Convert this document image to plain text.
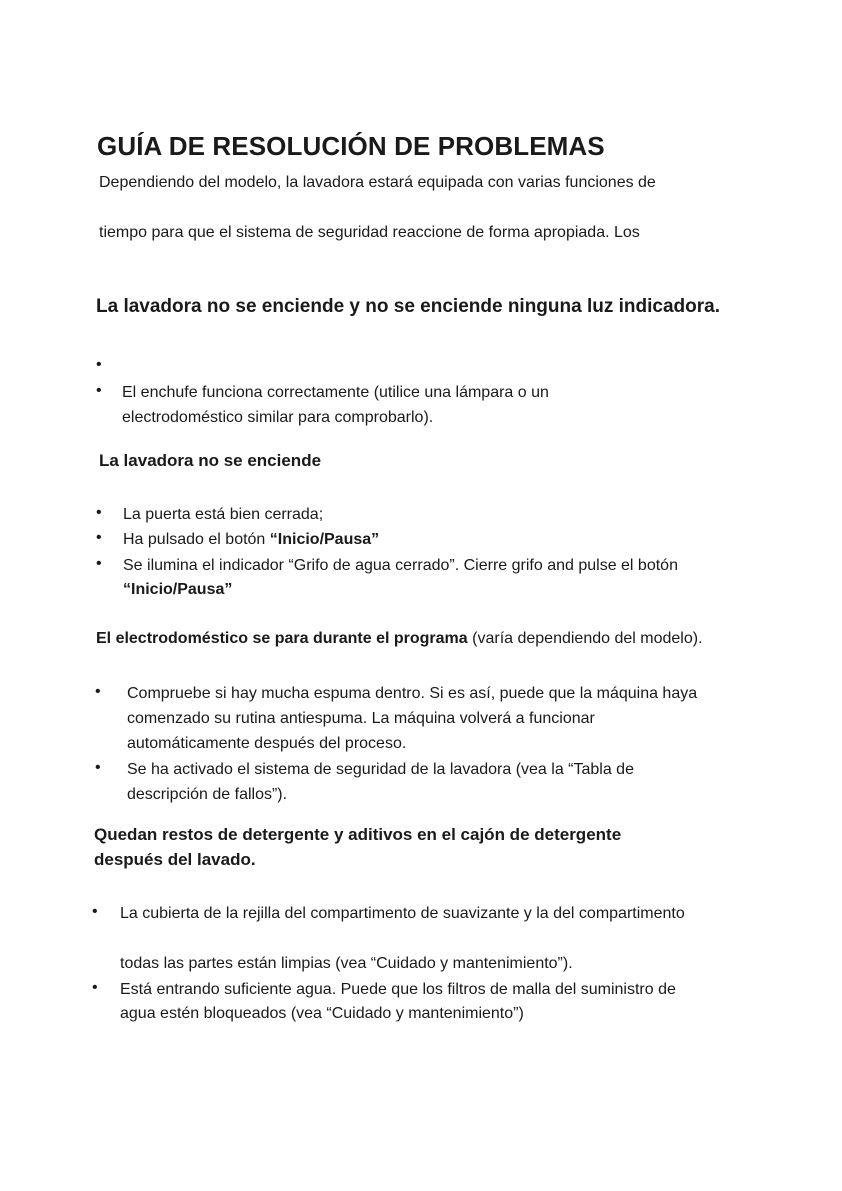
GUÍA DE RESOLUCIÓN DE PROBLEMAS
Dependiendo del modelo, la lavadora estará equipada con varias funciones de
tiempo para que el sistema de seguridad reaccione de forma apropiada. Los
La lavadora no se enciende y no se enciende ninguna luz indicadora.
•
• El enchufe funciona correctamente (utilice una lámpara o un
electrodoméstico similar para comprobarlo).
La lavadora no se enciende
• La puerta está bien cerrada;
• Ha pulsado el botón “Inicio/Pausa”
• Se ilumina el indicador “Grifo de agua cerrado”. Cierre grifo and pulse el botón
“Inicio/Pausa”
El electrodoméstico se para durante el programa (varía dependiendo del modelo).
• Compruebe si hay mucha espuma dentro. Si es así, puede que la máquina haya
comenzado su rutina antiespuma. La máquina volverá a funcionar
automáticamente después del proceso.
• Se ha activado el sistema de seguridad de la lavadora (vea la “Tabla de
descripción de fallos”).
Quedan restos de detergente y aditivos en el cajón de detergente
después del lavado.
• La cubierta de la rejilla del compartimento de suavizante y la del compartimento
todas las partes están limpias (vea “Cuidado y mantenimiento”).
• Está entrando suficiente agua. Puede que los filtros de malla del suministro de
agua estén bloqueados (vea “Cuidado y mantenimiento”)
